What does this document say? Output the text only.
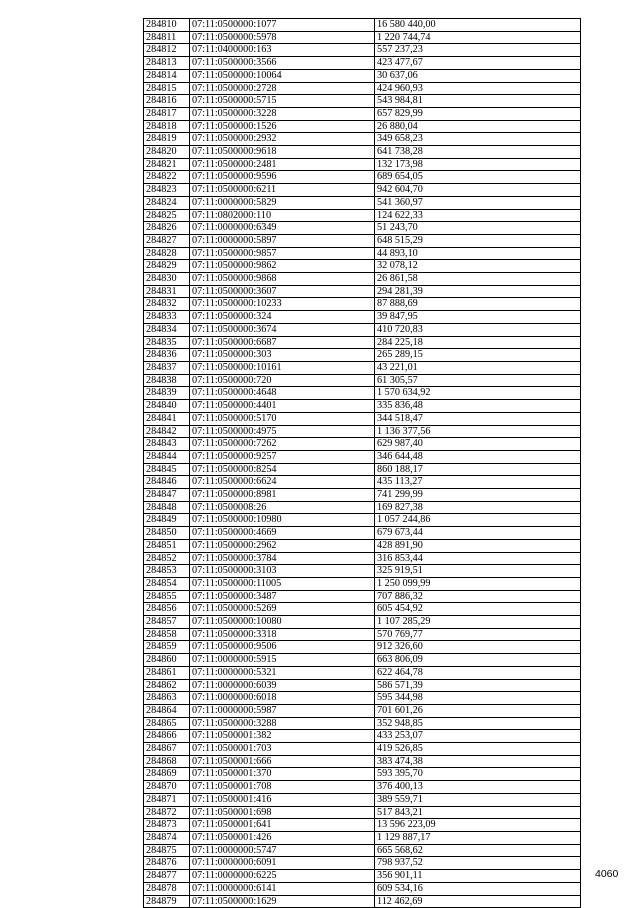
284810	07:11:0500000:1077	16 580 440,00
284811	07:11:0500000:5978	1 220 744,74
284812	07:11:0400000:163	557 237,23
284813	07:11:0500000:3566	423 477,67
284814	07:11:0500000:10064	30 637,06
284815	07:11:0500000:2728	424 960,93
284816	07:11:0500000:5715	543 984,81
284817	07:11:0500000:3228	657 829,99
284818	07:11:0500000:1526	26 880,04
284819	07:11:0500000:2932	349 658,23
284820	07:11:0500000:9618	641 738,28
284821	07:11:0500000:2481	132 173,98
284822	07:11:0500000:9596	689 654,05
284823	07:11:0500000:6211	942 604,70
284824	07:11:0000000:5829	541 360,97
284825	07:11:0802000:110	124 622,33
284826	07:11:0000000:6349	51 243,70
284827	07:11:0000000:5897	648 515,29
284828	07:11:0500000:9857	44 893,10
284829	07:11:0500000:9862	32 078,12
284830	07:11:0500000:9868	26 861,58
284831	07:11:0500000:3607	294 281,39
284832	07:11:0500000:10233	87 888,69
284833	07:11:0500000:324	39 847,95
284834	07:11:0500000:3674	410 720,83
284835	07:11:0500000:6687	284 225,18
284836	07:11:0500000:303	265 289,15
284837	07:11:0500000:10161	43 221,01
284838	07:11:0500000:720	61 305,57
284839	07:11:0500000:4648	1 570 634,92
284840	07:11:0500000:4401	335 836,48
284841	07:11:0500000:5170	344 518,47
284842	07:11:0500000:4975	1 136 377,56
284843	07:11:0500000:7262	629 987,40
284844	07:11:0500000:9257	346 644,48
284845	07:11:0500000:8254	860 188,17
284846	07:11:0500000:6624	435 113,27
284847	07:11:0500000:8981	741 299,99
284848	07:11:0500008:26	169 827,38
284849	07:11:0500000:10980	1 057 244,86
284850	07:11:0500000:4669	679 673,44
284851	07:11:0500000:2962	428 891,90
284852	07:11:0500000:3784	316 853,44
284853	07:11:0500000:3103	325 919,51
284854	07:11:0500000:11005	1 250 099,99
284855	07:11:0500000:3487	707 886,32
284856	07:11:0500000:5269	605 454,92
284857	07:11:0500000:10080	1 107 285,29
284858	07:11:0500000:3318	570 769,77
284859	07:11:0500000:9506	912 326,60
284860	07:11:0000000:5915	663 806,09
284861	07:11:0000000:5321	622 464,78
284862	07:11:0000000:6039	586 571,39
284863	07:11:0000000:6018	595 344,98
284864	07:11:0000000:5987	701 601,26
284865	07:11:0500000:3288	352 948,85
284866	07:11:0500001:382	433 253,07
284867	07:11:0500001:703	419 526,85
284868	07:11:0500001:666	383 474,38
284869	07:11:0500001:370	593 395,70
284870	07:11:0500001:708	376 400,13
284871	07:11:0500001:416	389 559,71
284872	07:11:0500001:698	517 843,21
284873	07:11:0500001:641	13 596 223,09
284874	07:11:0500001:426	1 129 887,17
284875	07:11:0000000:5747	665 568,62
284876	07:11:0000000:6091	798 937,52
284877	07:11:0000000:6225	356 901,11
284878	07:11:0000000:6141	609 534,16
284879	07:11:0500000:1629	112 462,69
4060
